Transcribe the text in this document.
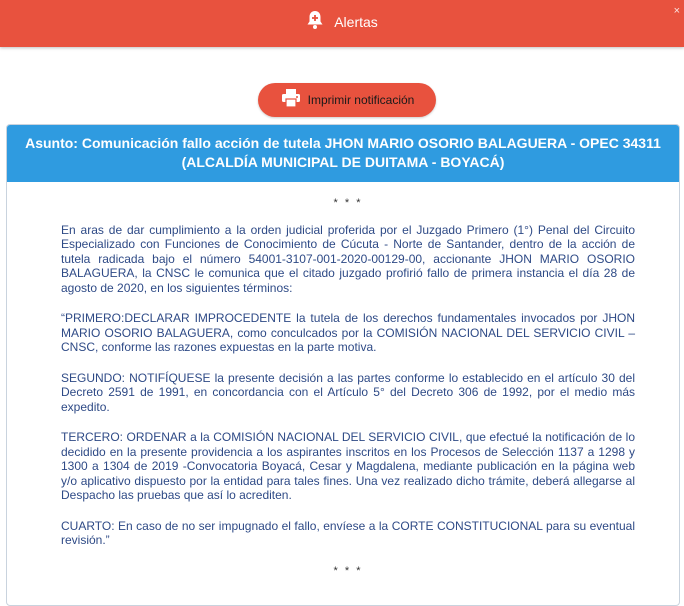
Alertas
×
Imprimir notificación
Asunto: Comunicación fallo acción de tutela JHON MARIO OSORIO BALAGUERA - OPEC 34311 (ALCALDÍA MUNICIPAL DE DUITAMA - BOYACÁ)
* * *

En aras de dar cumplimiento a la orden judicial proferida por el Juzgado Primero (1°) Penal del Circuito Especializado con Funciones de Conocimiento de Cúcuta - Norte de Santander, dentro de la acción de tutela radicada bajo el número 54001-3107-001-2020-00129-00, accionante JHON MARIO OSORIO BALAGUERA, la CNSC le comunica que el citado juzgado profirió fallo de primera instancia el día 28 de agosto de 2020, en los siguientes términos:

“PRIMERO:DECLARAR IMPROCEDENTE la tutela de los derechos fundamentales invocados por JHON MARIO OSORIO BALAGUERA, como conculcados por la COMISIÓN NACIONAL DEL SERVICIO CIVIL – CNSC, conforme las razones expuestas en la parte motiva.

SEGUNDO: NOTIFÍQUESE la presente decisión a las partes conforme lo establecido en el artículo 30 del Decreto 2591 de 1991, en concordancia con el Artículo 5° del Decreto 306 de 1992, por el medio más expedito.

TERCERO: ORDENAR a la COMISIÓN NACIONAL DEL SERVICIO CIVIL, que efectué la notificación de lo decidido en la presente providencia a los aspirantes inscritos en los Procesos de Selección 1137 a 1298 y 1300 a 1304 de 2019 -Convocatoria Boyacá, Cesar y Magdalena, mediante publicación en la página web y/o aplicativo dispuesto por la entidad para tales fines. Una vez realizado dicho trámite, deberá allegarse al Despacho las pruebas que así lo acrediten.

CUARTO: En caso de no ser impugnado el fallo, envíese a la CORTE CONSTITUCIONAL para su eventual revisión.”

* * *
